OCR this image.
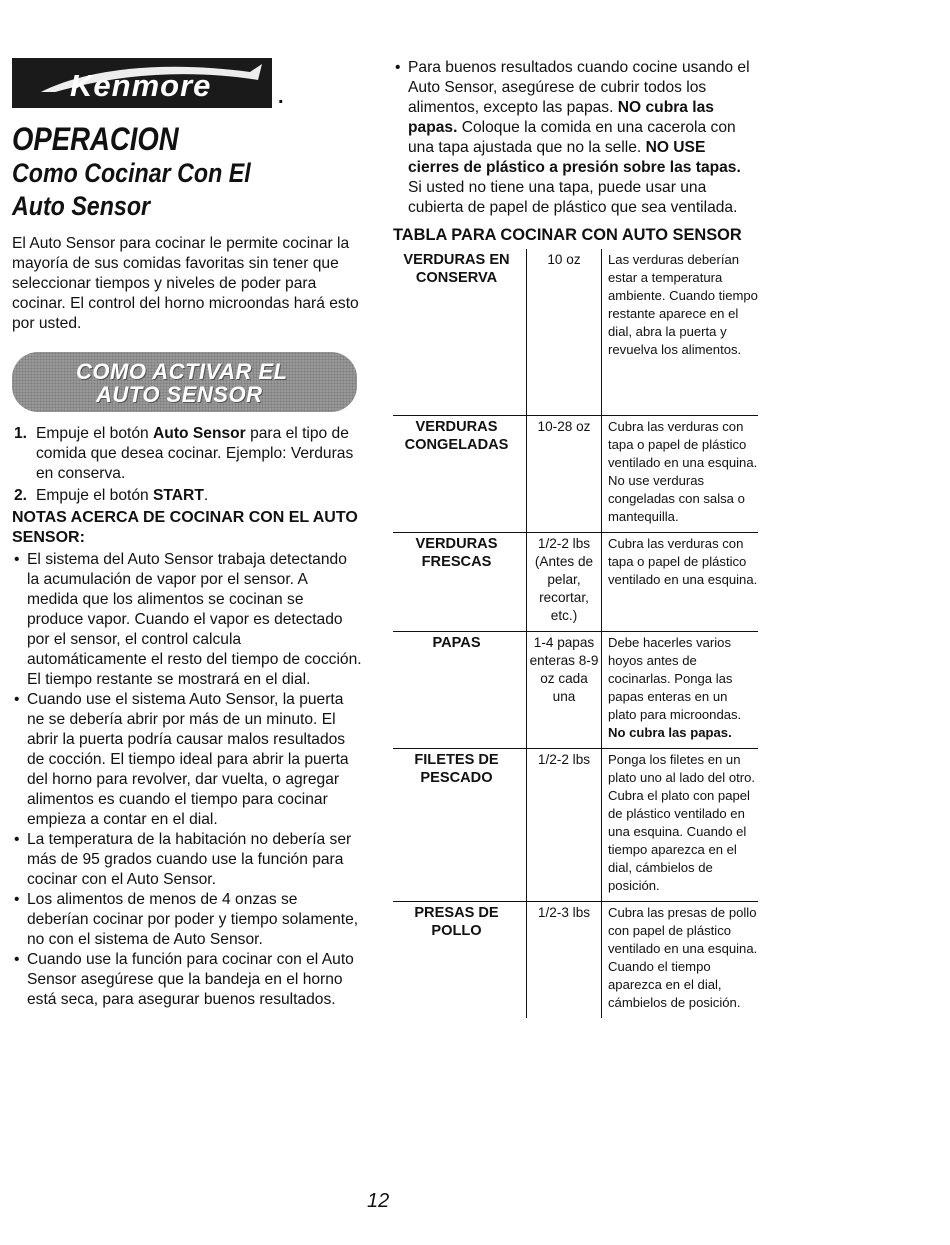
Kenmore	.
OPERACION
Como Cocinar Con El
Auto Sensor

El Auto Sensor para cocinar le permite cocinar la mayoría de sus comidas favoritas sin tener que seleccionar tiempos y niveles de poder para cocinar. El control del horno microondas hará esto por usted.

COMO ACTIVAR EL
AUTO SENSOR
1. Empuje el botón Auto Sensor para el tipo de comida que desea cocinar. Ejemplo: Verduras en conserva.
2. Empuje el botón START.
NOTAS ACERCA DE COCINAR CON EL AUTO SENSOR:
• El sistema del Auto Sensor trabaja detectando la acumulación de vapor por el sensor. A medida que los alimentos se cocinan se produce vapor. Cuando el vapor es detectado por el sensor, el control calcula automáticamente el resto del tiempo de cocción. El tiempo restante se mostrará en el dial.
• Cuando use el sistema Auto Sensor, la puerta ne se debería abrir por más de un minuto. El abrir la puerta podría causar malos resultados de cocción. El tiempo ideal para abrir la puerta del horno para revolver, dar vuelta, o agregar alimentos es cuando el tiempo para cocinar empieza a contar en el dial.
• La temperatura de la habitación no debería ser más de 95 grados cuando use la función para cocinar con el Auto Sensor.
• Los alimentos de menos de 4 onzas se deberían cocinar por poder y tiempo solamente, no con el sistema de Auto Sensor.
• Cuando use la función para cocinar con el Auto Sensor asegúrese que la bandeja en el horno está seca, para asegurar buenos resultados.
• Para buenos resultados cuando cocine usando el Auto Sensor, asegúrese de cubrir todos los alimentos, excepto las papas. NO cubra las papas. Coloque la comida en una cacerola con una tapa ajustada que no la selle. NO USE cierres de plástico a presión sobre las tapas. Si usted no tiene una tapa, puede usar una cubierta de papel de plástico que sea ventilada.
TABLA PARA COCINAR CON AUTO SENSOR
VERDURAS EN CONSERVA	10 oz	Las verduras deberían estar a temperatura ambiente. Cuando tiempo restante aparece en el dial, abra la puerta y revuelva los alimentos.

VERDURAS CONGELADAS	10-28 oz	Cubra las verduras con tapa o papel de plástico ventilado en una esquina. No use verduras congeladas con salsa o mantequilla.

VERDURAS FRESCAS	1/2-2 lbs (Antes de pelar, recortar, etc.)	Cubra las verduras con tapa o papel de plástico ventilado en una esquina.

PAPAS	1-4 papas enteras 8-9 oz cada una	Debe hacerles varios hoyos antes de cocinarlas. Ponga las papas enteras en un plato para microondas. No cubra las papas.

FILETES DE PESCADO	1/2-2 lbs	Ponga los filetes en un plato uno al lado del otro. Cubra el plato con papel de plástico ventilado en una esquina. Cuando el tiempo aparezca en el dial, cámbielos de posición.

PRESAS DE POLLO	1/2-3 lbs	Cubra las presas de pollo con papel de plástico ventilado en una esquina. Cuando el tiempo aparezca en el dial, cámbielos de posición.
12
